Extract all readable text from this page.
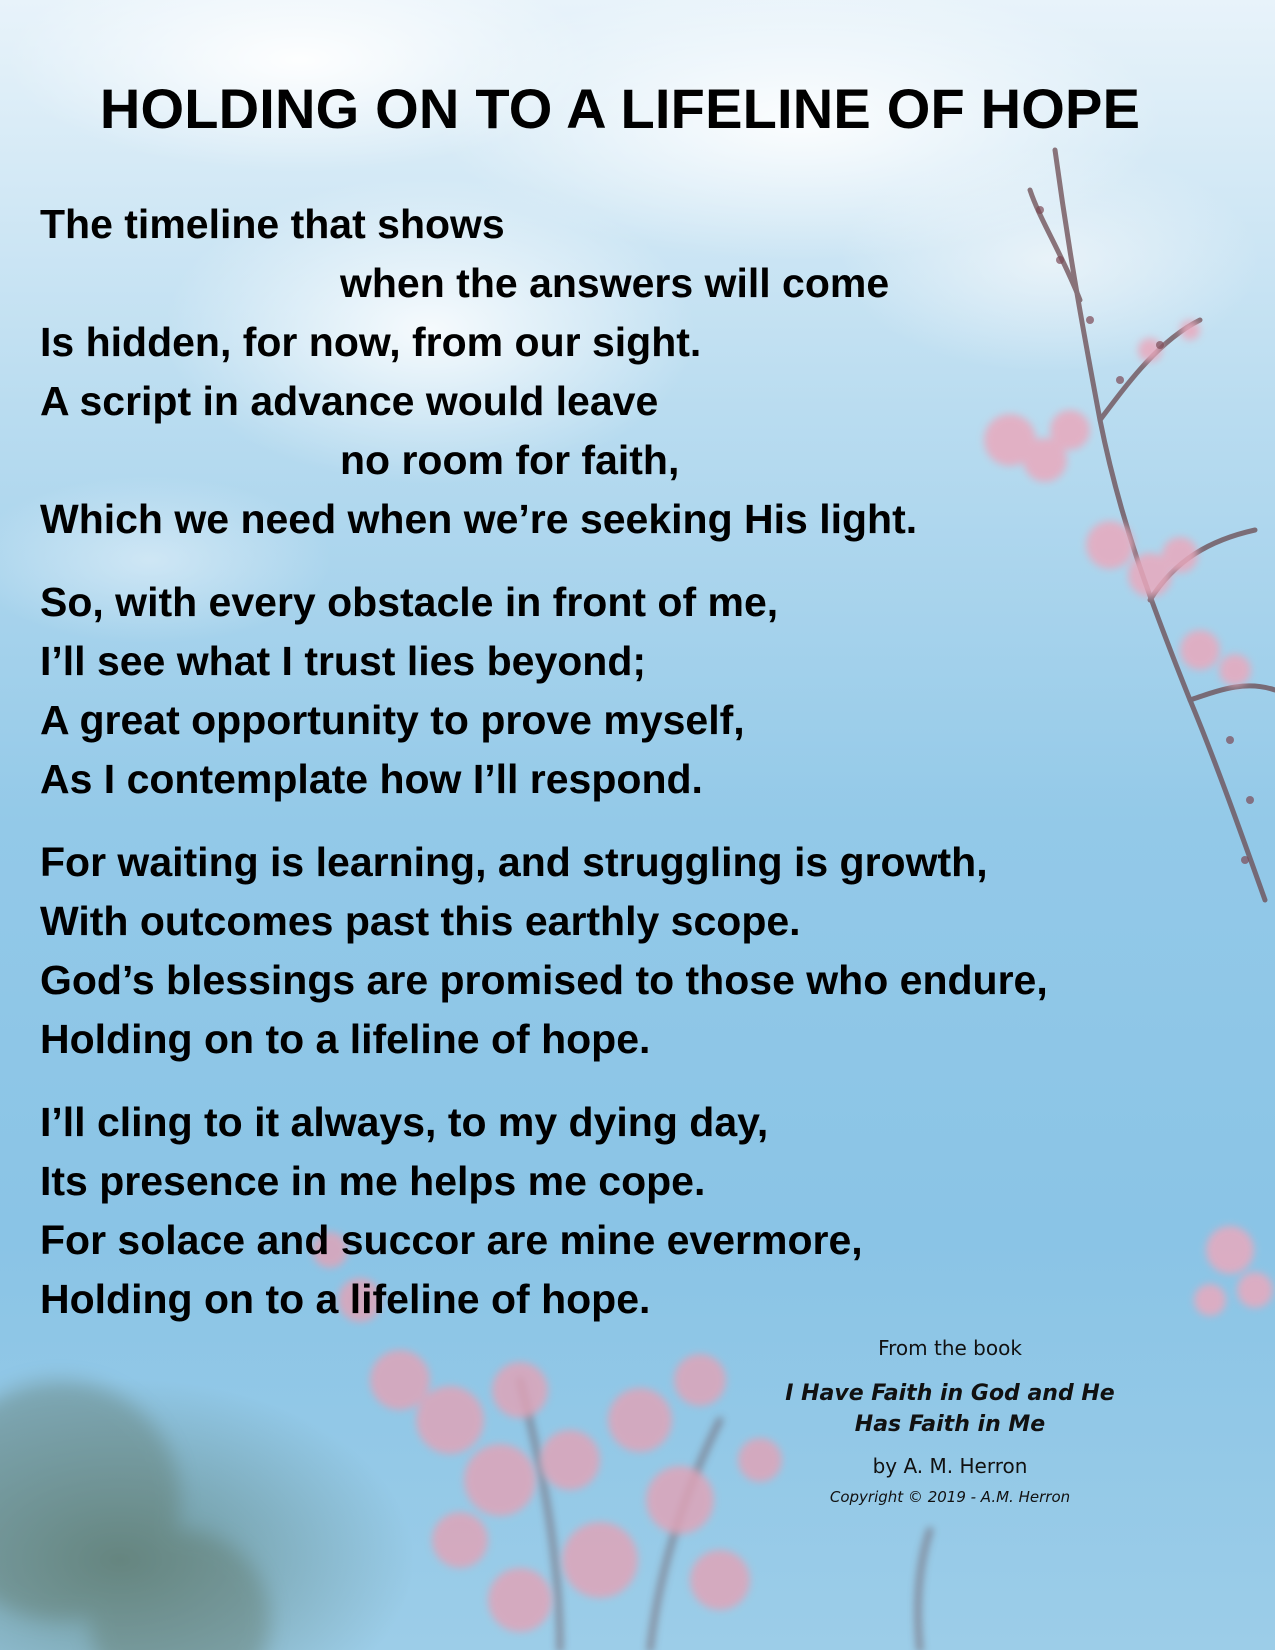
HOLDING ON TO A LIFELINE OF HOPE
The timeline that shows
when the answers will come
Is hidden, for now, from our sight.
A script in advance would leave
no room for faith,
Which we need when we’re seeking His light.
So, with every obstacle in front of me,
I’ll see what I trust lies beyond;
A great opportunity to prove myself,
As I contemplate how I’ll respond.
For waiting is learning, and struggling is growth,
With outcomes past this earthly scope.
God’s blessings are promised to those who endure,
Holding on to a lifeline of hope.
I’ll cling to it always, to my dying day,
Its presence in me helps me cope.
For solace and succor are mine evermore,
Holding on to a lifeline of hope.
From the book
I Have Faith in God and He
Has Faith in Me
by A. M. Herron
Copyright © 2019 - A.M. Herron
